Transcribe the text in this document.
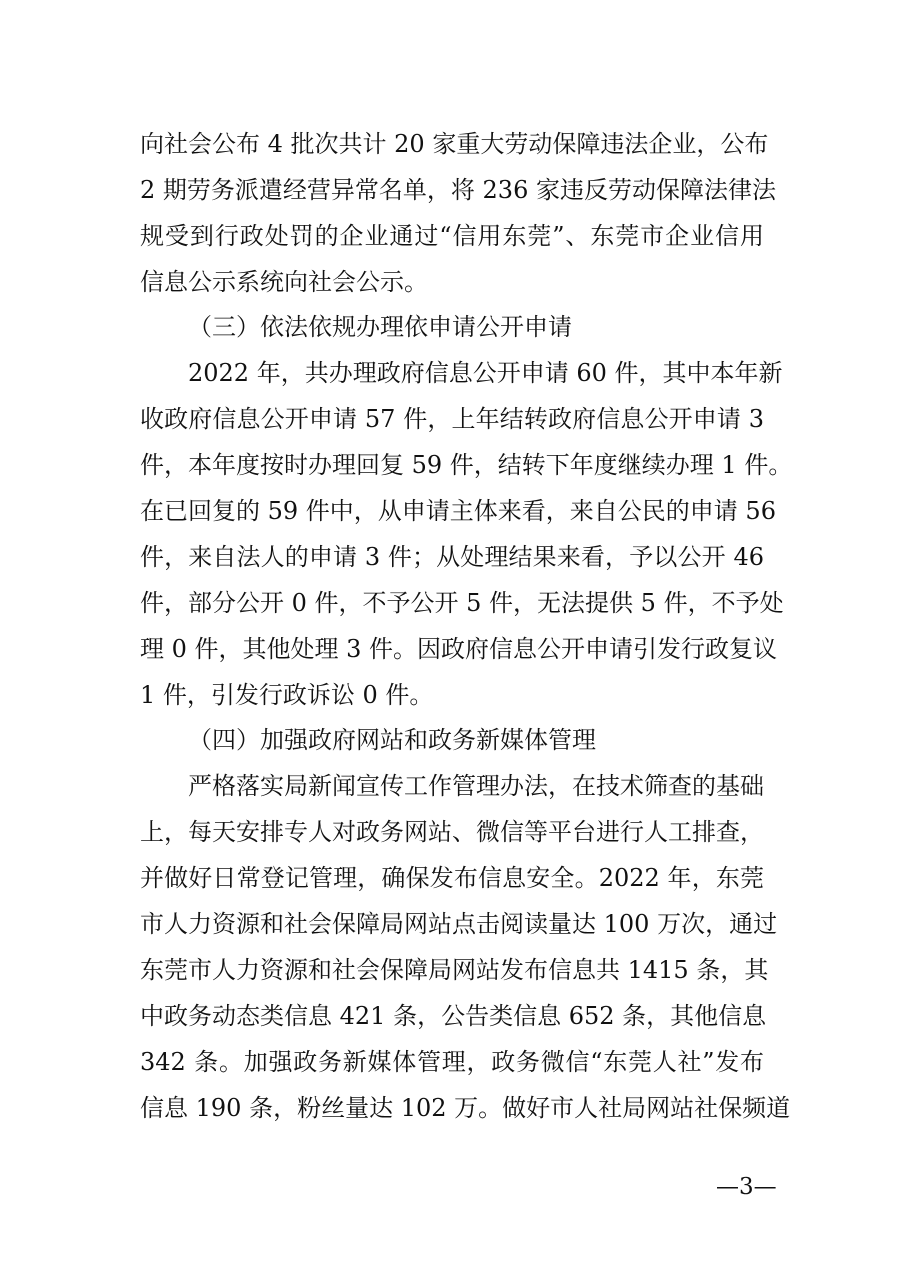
向社会公布 4 批次共计 20 家重大劳动保障违法企业，公布
2 期劳务派遣经营异常名单，将 236 家违反劳动保障法律法
规受到行政处罚的企业通过“信用东莞”、东莞市企业信用
信息公示系统向社会公示。
（三）依法依规办理依申请公开申请
2022 年，共办理政府信息公开申请 60 件，其中本年新
收政府信息公开申请 57 件，上年结转政府信息公开申请 3
件，本年度按时办理回复 59 件，结转下年度继续办理 1 件。
在已回复的 59 件中，从申请主体来看，来自公民的申请 56
件，来自法人的申请 3 件；从处理结果来看，予以公开 46
件，部分公开 0 件，不予公开 5 件，无法提供 5 件，不予处
理 0 件，其他处理 3 件。因政府信息公开申请引发行政复议
1 件，引发行政诉讼 0 件。
（四）加强政府网站和政务新媒体管理
严格落实局新闻宣传工作管理办法，在技术筛查的基础
上，每天安排专人对政务网站、微信等平台进行人工排查，
并做好日常登记管理，确保发布信息安全。2022 年，东莞
市人力资源和社会保障局网站点击阅读量达 100 万次，通过
东莞市人力资源和社会保障局网站发布信息共 1415 条，其
中政务动态类信息 421 条，公告类信息 652 条，其他信息
342 条。加强政务新媒体管理，政务微信“东莞人社”发布
信息 190 条，粉丝量达 102 万。做好市人社局网站社保频道
—3—
